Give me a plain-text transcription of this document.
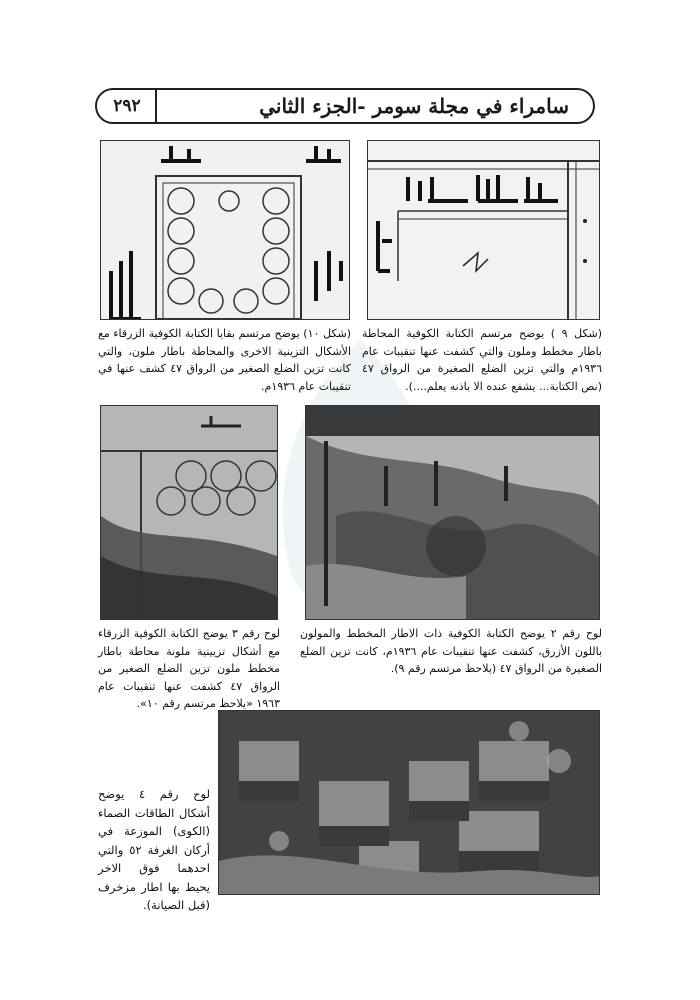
سامراء في مجلة سومر -الجزء الثاني
٢٩٢
(شكل ٩ ) يوضح مرتسم الكتابة الكوفية المحاطة باطار مخطط وملون والتي كشفت عنها تنقيبات عام ١٩٣٦م والتي تزين الضلع الصغيرة من الرواق ٤٧ (نص الكتابة... يشفع عنده الا باذنه يعلم....).
(شكل ١٠) يوضح مرتسم بقايا الكتابة الكوفية الزرقاء مع الأشكال التزينية الاخرى والمحاطة باطار ملون، والتي كانت تزين الضلع الصغير من الرواق ٤٧ كشف عنها في تنقيبات عام ١٩٣٦م.
لوح رقم ٢ يوضح الكتابة الكوفية ذات الاطار المخطط والمولون باللون الأزرق، كشفت عنها تنقيبات عام ١٩٣٦م، كانت تزين الضلع الصغيرة من الرواق ٤٧ (يلاحظ مرتسم رقم ٩).
لوح رقم ٣ يوضح الكتابة الكوفية الزرقاء مع أشكال تزيينية ملونة محاطة باطار مخطط ملون تزين الضلع الصغير من الرواق ٤٧ كشفت عنها تنقيبات عام ١٩٦٣ «يلاحظ مرتسم رقم ١٠».
لوح رقم ٤ يوضح أشكال الطاقات الصماء (الكوى) الموزعة في أركان الغرفة ٥٢ والتي احدهما فوق الاخر يحيط بها اطار مزخرف (قبل الصيانة).
